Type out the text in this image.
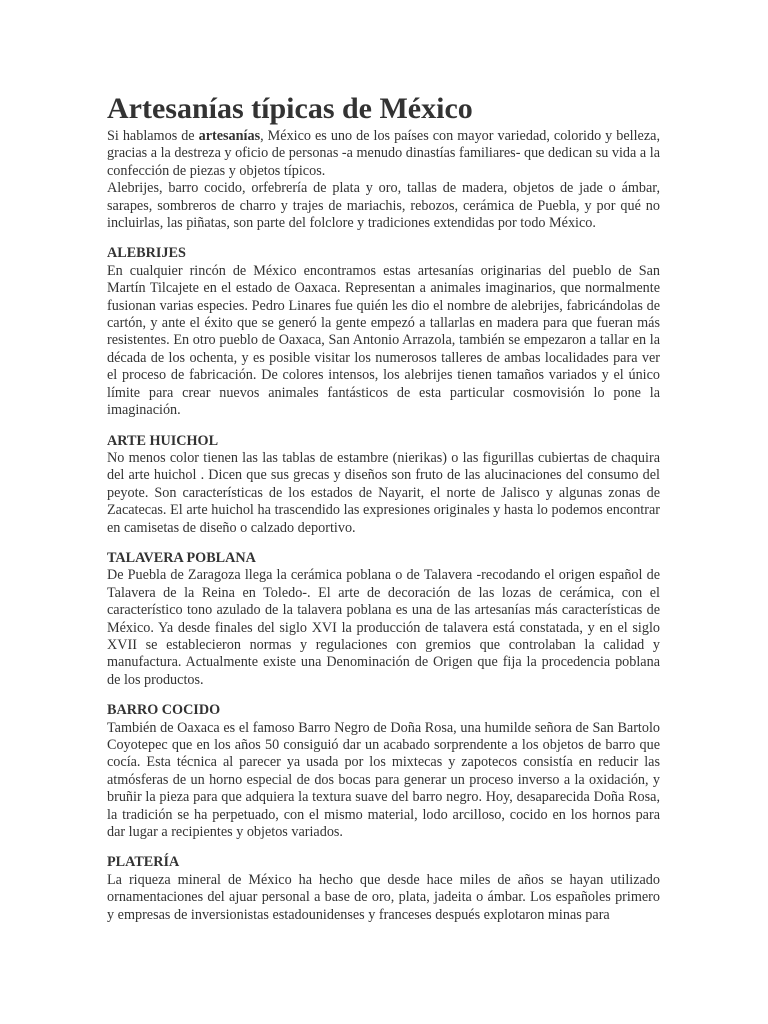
Artesanías típicas de México

Si hablamos de artesanías, México es uno de los países con mayor variedad, colorido y belleza, gracias a la destreza y oficio de personas -a menudo dinastías familiares- que dedican su vida a la confección de piezas y objetos típicos.

Alebrijes, barro cocido, orfebrería de plata y oro, tallas de madera, objetos de jade o ámbar, sarapes, sombreros de charro y trajes de mariachis, rebozos, cerámica de Puebla, y por qué no incluirlas, las piñatas, son parte del folclore y tradiciones extendidas por todo México.

ALEBRIJES

En cualquier rincón de México encontramos estas artesanías originarias del pueblo de San Martín Tilcajete en el estado de Oaxaca. Representan a animales imaginarios, que normalmente fusionan varias especies. Pedro Linares fue quién les dio el nombre de alebrijes, fabricándolas de cartón, y ante el éxito que se generó la gente empezó a tallarlas en madera para que fueran más resistentes. En otro pueblo de Oaxaca, San Antonio Arrazola, también se empezaron a tallar en la década de los ochenta, y es posible visitar los numerosos talleres de ambas localidades para ver el proceso de fabricación. De colores intensos, los alebrijes tienen tamaños variados y el único límite para crear nuevos animales fantásticos de esta particular cosmovisión lo pone la imaginación.

ARTE HUICHOL

No menos color tienen las las tablas de estambre (nierikas) o las figurillas cubiertas de chaquira del arte huichol . Dicen que sus grecas y diseños son fruto de las alucinaciones del consumo del peyote. Son características de los estados de Nayarit, el norte de Jalisco y algunas zonas de Zacatecas. El arte huichol ha trascendido las expresiones originales y hasta lo podemos encontrar en camisetas de diseño o calzado deportivo.

TALAVERA POBLANA

De Puebla de Zaragoza llega la cerámica poblana o de Talavera -recodando el origen español de Talavera de la Reina en Toledo-. El arte de decoración de las lozas de cerámica, con el característico tono azulado de la talavera poblana es una de las artesanías más características de México. Ya desde finales del siglo XVI la producción de talavera está constatada, y en el siglo XVII se establecieron normas y regulaciones con gremios que controlaban la calidad y manufactura. Actualmente existe una Denominación de Origen que fija la procedencia poblana de los productos.

BARRO COCIDO

También de Oaxaca es el famoso Barro Negro de Doña Rosa, una humilde señora de San Bartolo Coyotepec que en los años 50 consiguió dar un acabado sorprendente a los objetos de barro que cocía. Esta técnica al parecer ya usada por los mixtecas y zapotecos consistía en reducir las atmósferas de un horno especial de dos bocas para generar un proceso inverso a la oxidación, y bruñir la pieza para que adquiera la textura suave del barro negro. Hoy, desaparecida Doña Rosa, la tradición se ha perpetuado, con el mismo material, lodo arcilloso, cocido en los hornos para dar lugar a recipientes y objetos variados.

PLATERÍA

La riqueza mineral de México ha hecho que desde hace miles de años se hayan utilizado ornamentaciones del ajuar personal a base de oro, plata, jadeita o ámbar. Los españoles primero y empresas de inversionistas estadounidenses y franceses después explotaron minas para
